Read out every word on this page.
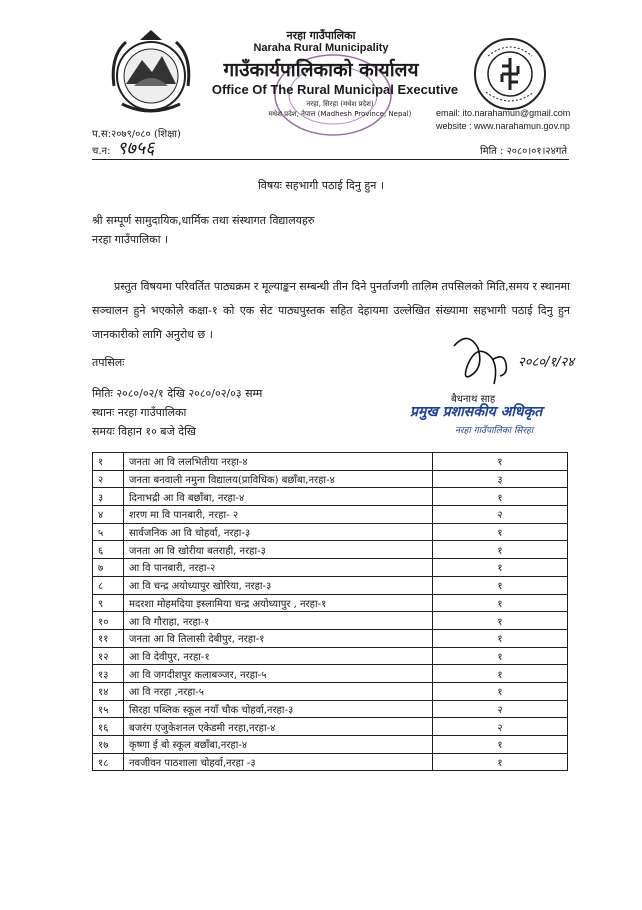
नरहा गाउँपालिका
Naraha Rural Municipality
गाउँकार्यपालिकाको कार्यालय
Office Of The Rural Municipal Executive
नरहा, सिरहा (मधेश प्रदेश)
मधेश प्रदेश, नेपाल (Madhesh Province, Nepal)	email: ito.narahamun@gmail.com
website : www.narahamun.gov.np
प.स:२०७९/०८० (शिक्षा)
च.न: ९७५६	मिति : २०८०।०१।२४गते
विषयः सहभागी पठाई दिनु हुन ।
श्री सम्पूर्ण सामुदायिक,धार्मिक तथा संस्थागत विद्यालयहरु
नरहा गाउँपालिका ।
प्रस्तुत विषयमा परिवर्तित पाठ्यक्रम र मूल्याङ्कन सम्बन्धी तीन दिने पुनर्ताजगी तालिम तपसिलको मिति,समय र स्थानमा सञ्चालन हुने भएकोले कक्षा-१ को एक सेट पाठ्यपुस्तक सहित देहायमा उल्लेखित संख्यामा सहभागी पठाई दिनु हुन जानकारीको लागि अनुरोध छ ।
तपसिलः
मितिः २०८०/०२/१ देखि २०८०/०२/०३ सम्म
स्थानः नरहा गाउँपालिका
समयः विहान १० बजे देखि
२०८०/१/२४
बैधनाथ साह
प्रमुख प्रशासकीय अधिकृत
नरहा गाउँपालिका सिरहा
१	जनता आ वि ललभितीया नरहा-४	१
२	जनता बनवाली नमुना विद्यालय(प्राविधिक) बछाँबा,नरहा-४	३
३	दिनाभद्री आ वि बछाँबा, नरहा-४	१
४	शरण मा वि पानबारी, नरहा- २	२
५	सार्वजनिक आ वि चोहर्वा, नरहा-३	१
६	जनता आ वि खोरीया बतराही, नरहा-३	१
७	आ वि पानबारी, नरहा-२	१
८	आ वि चन्द्र अयोध्यापुर खोरिया, नरहा-३	१
९	मदरशा मोहमदिया इस्लामिया चन्द्र अयोध्यापुर , नरहा-१	१
१०	आ वि गौराहा, नरहा-१	१
११	जनता आ वि तिलासी देबीपुर, नरहा-१	१
१२	आ वि देवीपुर, नरहा-१	१
१३	आ वि जगदीशपुर कलाबञ्जर, नरहा-५	१
१४	आ वि नरहा ,नरहा-५	१
१५	सिरहा पब्लिक स्कूल नयाँ चौक चोहर्वा,नरहा-३	२
१६	बजरंग एजुकेशनल एकेडमी नरहा,नरहा-४	२
१७	कृष्णा ई बो स्कूल बछाँबा,नरहा-४	१
१८	नवजीवन पाठशाला चोहर्वा,नरहा -३	१
